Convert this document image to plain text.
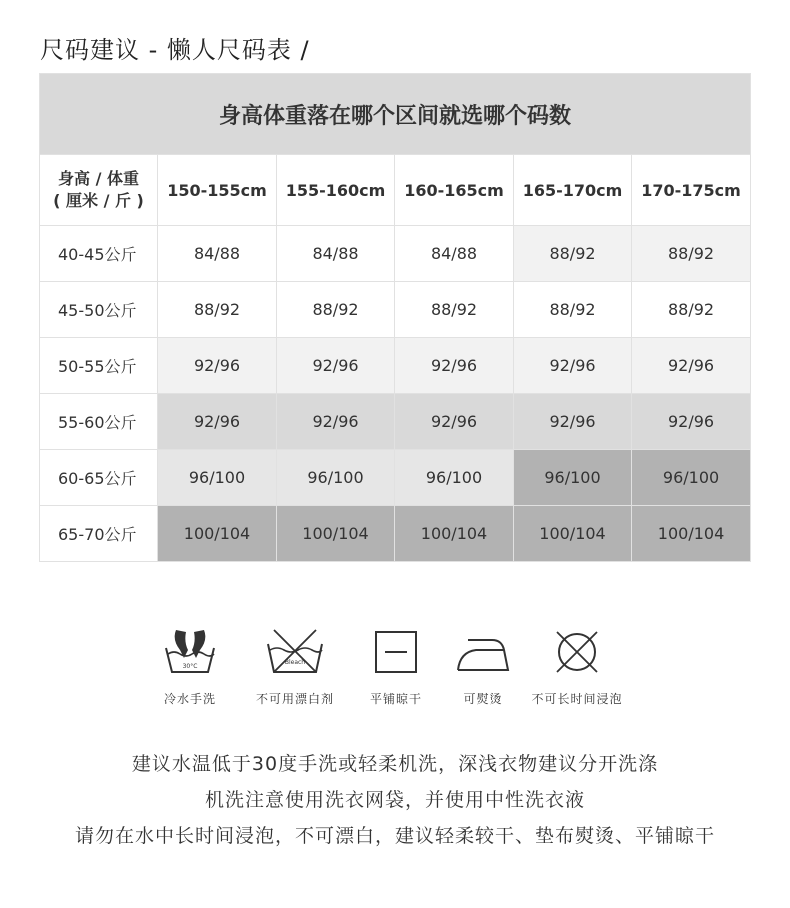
尺码建议 - 懒人尺码表 /
身高体重落在哪个区间就选哪个码数					

身高 / 体重
( 厘米 / 斤 )	150-155cm	155-160cm	160-165cm	165-170cm	170-175cm
40-45公斤	84/88	84/88	84/88	88/92	88/92
45-50公斤	88/92	88/92	88/92	88/92	88/92
50-55公斤	92/96	92/96	92/96	92/96	92/96
55-60公斤	92/96	92/96	92/96	92/96	92/96
60-65公斤	96/100	96/100	96/100	96/100	96/100
65-70公斤	100/104	100/104	100/104	100/104	100/104
30°C
冷水手洗
Bleach
不可用漂白剂	平铺晾干	可熨烫	不可长时间浸泡
建议水温低于30度手洗或轻柔机洗，深浅衣物建议分开洗涤
机洗注意使用洗衣网袋，并使用中性洗衣液
请勿在水中长时间浸泡，不可漂白，建议轻柔较干、垫布熨烫、平铺晾干
